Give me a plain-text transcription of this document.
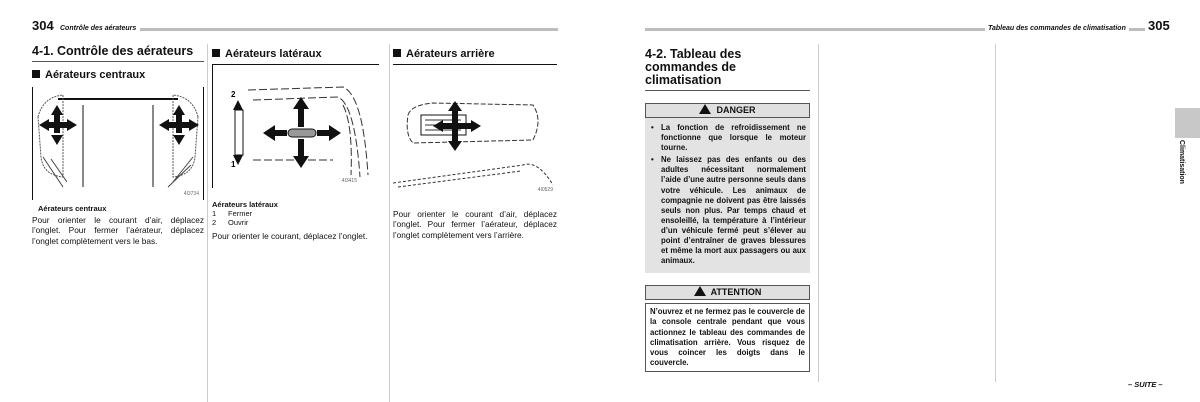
304 Contrôle des aérateurs
4-1. Contrôle des aérateurs
Aérateurs centraux
4I3734
Aérateurs centraux

Pour orienter le courant d’air, déplacez l’onglet. Pour fermer l’aérateur, déplacez l’onglet complètement vers le bas.

Aérateurs latéraux
2
1
4I3415
Aérateurs latéraux
1 Fermer
2 Ouvrir

Pour orienter le courant, déplacez l’onglet.

Aérateurs arrière
4I0529

Pour orienter le courant d’air, déplacez l’onglet. Pour fermer l’aérateur, déplacez l’onglet complètement vers l’arrière.

Tableau des commandes de climatisation 305
4-2. Tableau des commandes de climatisation
DANGER
• La fonction de refroidissement ne fonctionne que lorsque le moteur tourne.
• Ne laissez pas des enfants ou des adultes nécessitant normalement l’aide d’une autre personne seuls dans votre véhicule. Les animaux de compagnie ne doivent pas être laissés seuls non plus. Par temps chaud et ensoleillé, la température à l’intérieur d’un véhicule fermé peut s’élever au point d’entraîner de graves blessures et même la mort aux passagers ou aux animaux.
ATTENTION
N’ouvrez et ne fermez pas le couvercle de la console centrale pendant que vous actionnez le tableau des commandes de climatisation arrière. Vous risquez de vous coincer les doigts dans le couvercle.
Climatisation
– SUITE –
